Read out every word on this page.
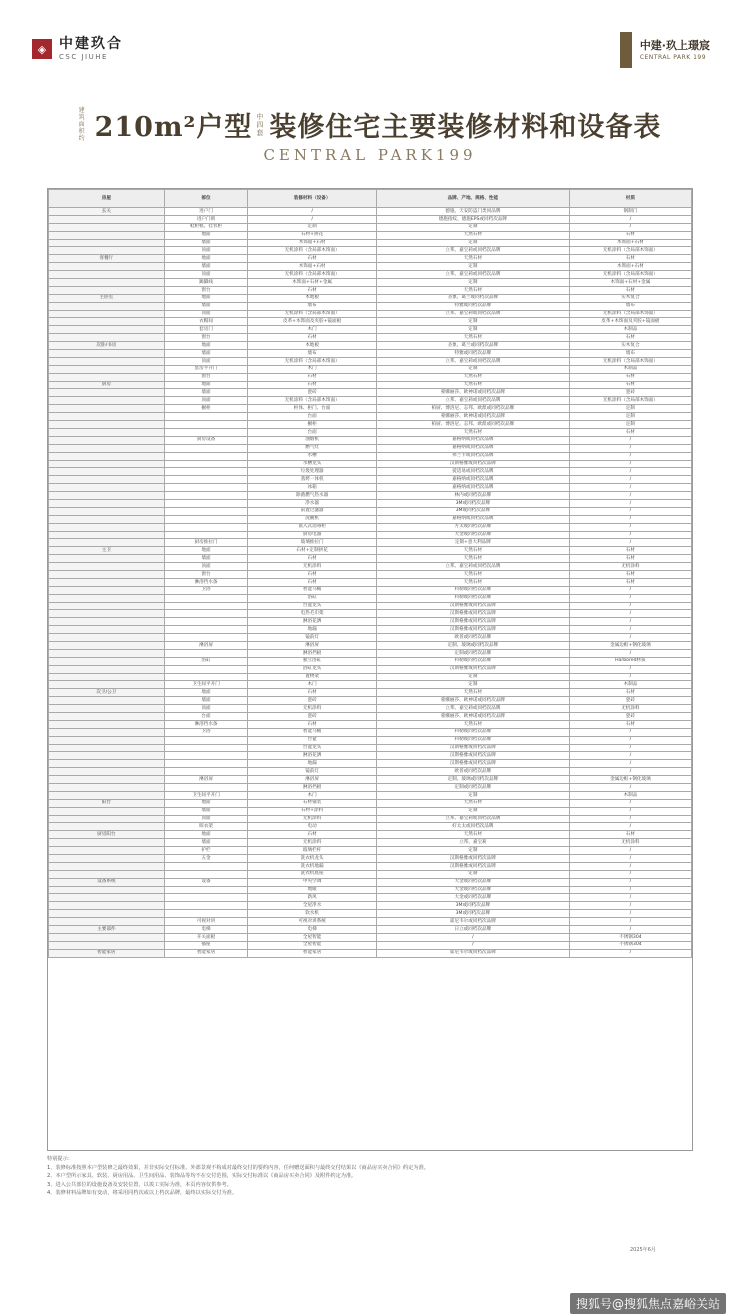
◈ 中建玖合
CSC JIUHE
中建·玖上璟宸
CENTRAL PARK 199
建筑面积约 210m²户型 中四套 装修住宅主要装修材料和设备表
CENTRAL PARK199
房屋	部位	装修材料（设备）	品牌、产地、规格、性能	材质
玄关	进户门	/	德施、天安防盗门类同品牌	钢制门
	进户门锁	/	德施指纹、德施EPS或同档次品牌	/
	鞋柜框、挂衣柜	定制	定制	/
	地面	石材+拼花	天然石材	石材
	墙面	木饰面+石材	定制	木饰面+石材
	顶面	无机涂料（含局部木饰面）	立邦、嘉宝莉或同档次品牌	无机涂料（含局部木饰面）
客餐厅	地面	石材	天然石材	石材
	墙面	木饰面+石材	定制	木饰面+石材
	顶面	无机涂料（含局部木饰面）	立邦、嘉宝莉或同档次品牌	无机涂料（含局部木饰面）
	踢脚线	木饰面+石材+金属	定制	木饰面+石材+金属
	窗台	石材	天然石材	石材
主卧室	地面	木地板	圣象、葛兰或同档次品牌	实木复合
	墙面	墙布	特雅或同档次品牌	墙布
	顶面	无机涂料（含局部木饰面）	立邦、嘉宝莉或同档次品牌	无机涂料（含局部木饰面）
	衣帽间	皮革+木饰面及夹胶+镜面板	定制	皮革+木饰面及夹胶+镜面板
	套房门	木门	定制	木制品
	窗台	石材	天然石材	石材
次卧/书房	地面	木地板	圣象、葛兰或同档次品牌	实木复合
	墙面	墙布	特雅或同档次品牌	墙布
	顶面	无机涂料（含局部木饰面）	立邦、嘉宝莉或同档次品牌	无机涂料（含局部木饰面）
	套房平开门	木门	定制	木制品
	窗台	石材	天然石材	石材
厨房	地面	石材	天然石材	石材
	墙面	瓷砖	蒙娜丽莎、欧神诺或同档次品牌	瓷砖
	顶面	无机涂料（含局部木饰面）	立邦、嘉宝莉或同档次品牌	无机涂料（含局部木饰面）
	橱柜	柜体、柜门、台面	柏厨、博洛尼、志邦、欧派或同档次品牌	定制
		台面	蒙娜丽莎、欧神诺或同档次品牌	定制
		橱柜	柏厨、博洛尼、志邦、欧派或同档次品牌	定制
		台面	天然石材	石材
	厨房设备	油烟机	嘉格纳或同档次品牌	/
		燃气灶	嘉格纳或同档次品牌	/
		水槽	弗兰卡或同档次品牌	/
		水槽龙头	汉斯格雅或同档次品牌	/
		垃圾处理器	爱适易或同档次品牌	/
		蒸烤一体机	嘉格纳或同档次品牌	/
		冰箱	嘉格纳或同档次品牌	/
		除菌燃气热水器	林内或同档次品牌	/
		净水器	3M或同档次品牌	/
		前置过滤器	3M或同档次品牌	/
		洗碗机	嘉格纳或同档次品牌	/
		嵌入式消毒柜	方太或同档次品牌	/
		厨房电器	大金或同档次品牌	/
	厨房推拉门	玻璃推拉门	定制+意大利品牌	/
主卫	地面	石材+定制拼花	天然石材	石材
	墙面	石材	天然石材	石材
	顶面	无机涂料	立邦、嘉宝莉或同档次品牌	无机涂料
	窗台	石材	天然石材	石材
	淋浴挡水条	石材	天然石材	石材
	卫浴	智能马桶	科勒或同档次品牌	/
		浴缸	科勒或同档次品牌	/
		台盆龙头	汉斯格雅或同档次品牌	/
		电热毛巾架	汉斯格雅或同档次品牌	/
		淋浴花洒	汉斯格雅或同档次品牌	/
		地漏	汉斯格雅或同档次品牌	/
		镜前灯	欧普或同档次品牌	/
	淋浴屏	淋浴屏	定制、玻璃或同档次品牌	金属边框+钢化玻璃
		淋浴挡板	定制或同档次品牌	/
	浴缸	独立浴缸	科勒或同档次品牌	Harbored材质
		浴缸龙头	汉斯格雅或同档次品牌	/
		置物架	定制	/
	卫生间平开门	木门	定制	木制品
次卫/公卫	地面	石材	天然石材	石材
	墙面	瓷砖	蒙娜丽莎、欧神诺或同档次品牌	瓷砖
	顶面	无机涂料	立邦、嘉宝莉或同档次品牌	无机涂料
	台面	瓷砖	蒙娜丽莎、欧神诺或同档次品牌	瓷砖
	淋浴挡水条	石材	天然石材	石材
	卫浴	智能马桶	科勒或同档次品牌	/
		台盆	科勒或同档次品牌	/
		台盆龙头	汉斯格雅或同档次品牌	/
		淋浴花洒	汉斯格雅或同档次品牌	/
		地漏	汉斯格雅或同档次品牌	/
		镜前灯	欧普或同档次品牌	/
	淋浴屏	淋浴屏	定制、玻璃或同档次品牌	金属边框+钢化玻璃
		淋浴挡板	定制或同档次品牌	/
	卫生间平开门	木门	定制	木制品
阳台	地面	石材铺装	天然石材	/
	墙面	石材+涂料	定制	/
	顶面	无机涂料	立邦、嘉宝莉或同档次品牌	/
	晾衣架	电动	好太太或同档次品牌	/
厨房阳台	地面	石材	天然石材	石材
	墙面	无机涂料	立邦、嘉宝莉	无机涂料
	护栏	玻璃栏杆	定制	/
	五金	洗衣机龙头	汉斯格雅或同档次品牌	/
		洗衣机地漏	汉斯格雅或同档次品牌	/
		洗衣机底座	定制	/
设备系统	设备	中央空调	大金或同档次品牌	/
		地暖	大金或同档次品牌	/
		新风	大金或同档次品牌	/
		全屋净水	3M或同档次品牌	/
		软水机	3M或同档次品牌	/
	可视对讲	可视对讲系统	霍尼韦尔或同档次品牌	/
主要部件	电梯	电梯	日立或同档次品牌	/
	开关面板	全屋智能	/	不锈钢304
	插座	全屋智能	/	不锈钢304
智能家居	智能家居	智能家居	霍尼韦尔或同档次品牌	/
特别提示：
1、装修标准按照本户型装修之最终效果，并非实际交付标准。外部景观不构成对最终交付的要约内容，任何赠送面积与最终交付结果以《商品房买卖合同》约定为准。
2、本户型所示家具、软装、厨房用品、卫生间用品、装饰品等均不在交付范围，实际交付标准以《商品房买卖合同》及附件约定为准。
3、进入公共部位的设施设备及安装位置，以竣工实际为准，本页内容仅供参考。
4、装修材料品牌如有变动，将采用同档次或以上档次品牌，最终以实际交付为准。
2025年6月
搜狐号@搜狐焦点嘉峪关站
